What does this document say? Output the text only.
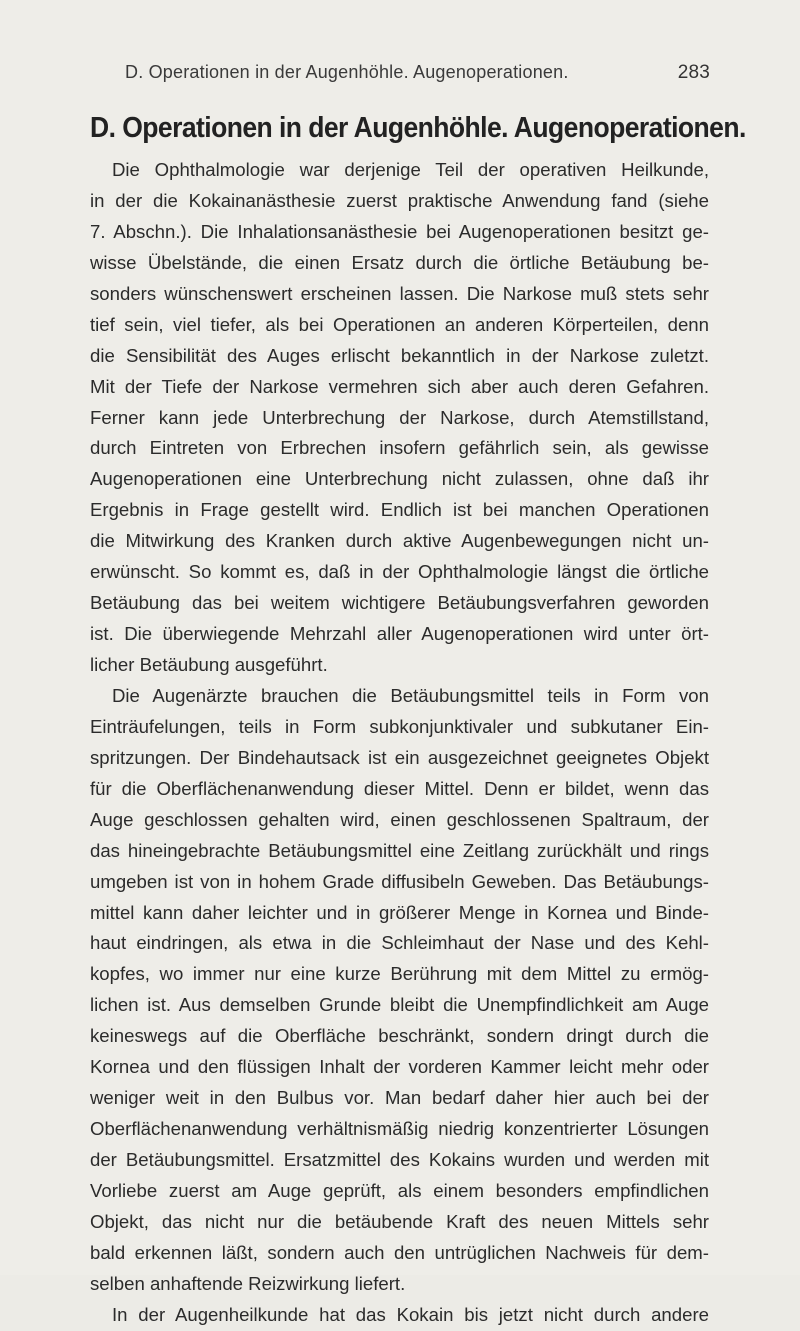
D. Operationen in der Augenhöhle. Augenoperationen.	283
D. Operationen in der Augenhöhle. Augenoperationen.
Die Ophthalmologie war derjenige Teil der operativen Heilkunde,
in der die Kokainanästhesie zuerst praktische Anwendung fand (siehe
7. Abschn.). Die Inhalationsanästhesie bei Augenoperationen besitzt ge-
wisse Übelstände, die einen Ersatz durch die örtliche Betäubung be-
sonders wünschenswert erscheinen lassen. Die Narkose muß stets sehr
tief sein, viel tiefer, als bei Operationen an anderen Körperteilen, denn
die Sensibilität des Auges erlischt bekanntlich in der Narkose zuletzt.
Mit der Tiefe der Narkose vermehren sich aber auch deren Gefahren.
Ferner kann jede Unterbrechung der Narkose, durch Atemstillstand,
durch Eintreten von Erbrechen insofern gefährlich sein, als gewisse
Augenoperationen eine Unterbrechung nicht zulassen, ohne daß ihr
Ergebnis in Frage gestellt wird. Endlich ist bei manchen Operationen
die Mitwirkung des Kranken durch aktive Augenbewegungen nicht un-
erwünscht. So kommt es, daß in der Ophthalmologie längst die örtliche
Betäubung das bei weitem wichtigere Betäubungsverfahren geworden
ist. Die überwiegende Mehrzahl aller Augenoperationen wird unter ört-
licher Betäubung ausgeführt.
Die Augenärzte brauchen die Betäubungsmittel teils in Form von
Einträufelungen, teils in Form subkonjunktivaler und subkutaner Ein-
spritzungen. Der Bindehautsack ist ein ausgezeichnet geeignetes Objekt
für die Oberflächenanwendung dieser Mittel. Denn er bildet, wenn das
Auge geschlossen gehalten wird, einen geschlossenen Spaltraum, der
das hineingebrachte Betäubungsmittel eine Zeitlang zurückhält und rings
umgeben ist von in hohem Grade diffusibeln Geweben. Das Betäubungs-
mittel kann daher leichter und in größerer Menge in Kornea und Binde-
haut eindringen, als etwa in die Schleimhaut der Nase und des Kehl-
kopfes, wo immer nur eine kurze Berührung mit dem Mittel zu ermög-
lichen ist. Aus demselben Grunde bleibt die Unempfindlichkeit am Auge
keineswegs auf die Oberfläche beschränkt, sondern dringt durch die
Kornea und den flüssigen Inhalt der vorderen Kammer leicht mehr oder
weniger weit in den Bulbus vor. Man bedarf daher hier auch bei der
Oberflächenanwendung verhältnismäßig niedrig konzentrierter Lösungen
der Betäubungsmittel. Ersatzmittel des Kokains wurden und werden mit
Vorliebe zuerst am Auge geprüft, als einem besonders empfindlichen
Objekt, das nicht nur die betäubende Kraft des neuen Mittels sehr
bald erkennen läßt, sondern auch den untrüglichen Nachweis für dem-
selben anhaftende Reizwirkung liefert.
In der Augenheilkunde hat das Kokain bis jetzt nicht durch andere
